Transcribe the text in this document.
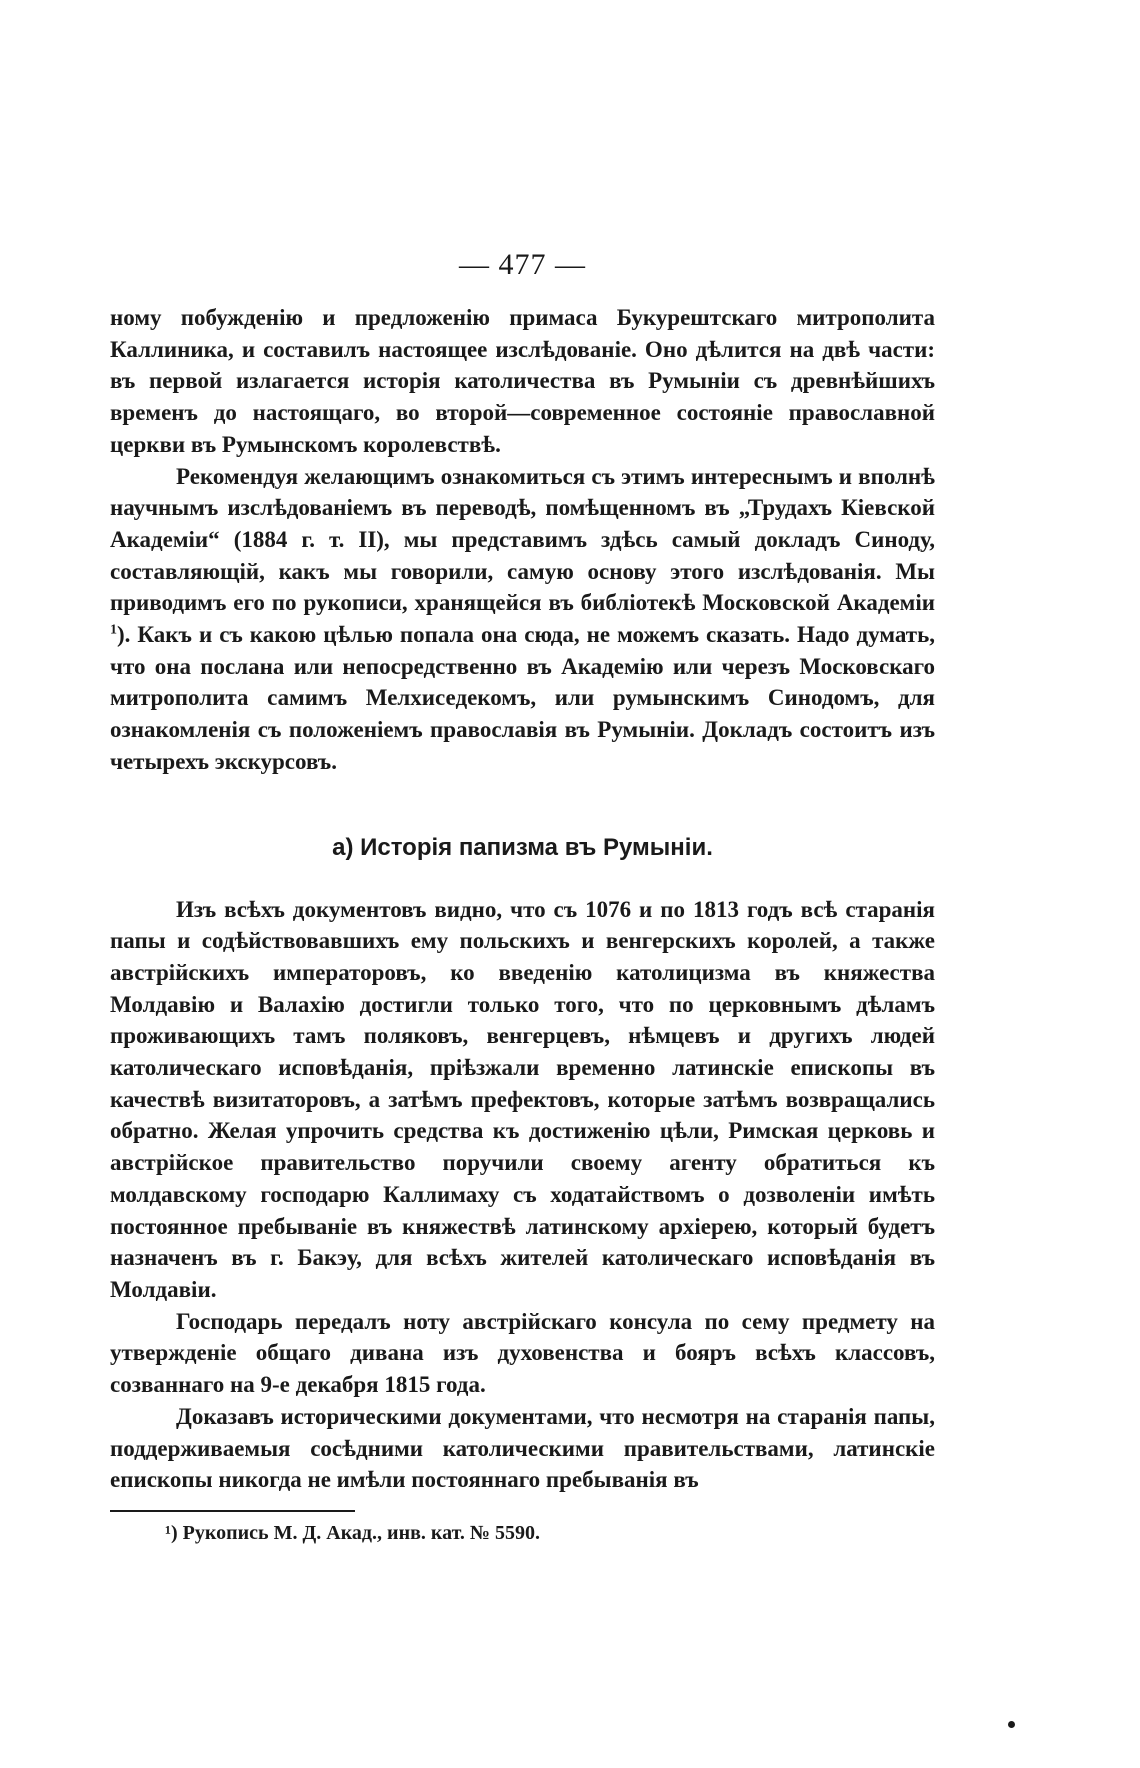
— 477 —

ному побужденію и предложенію примаса Букурештскаго митрополита Каллиника, и составилъ настоящее изслѣдованіе. Оно дѣлится на двѣ части: въ первой излагается исторія католичества въ Румыніи съ древнѣйшихъ временъ до настоящаго, во второй—современное состояніе православной церкви въ Румынскомъ королевствѣ.

Рекомендуя желающимъ ознакомиться съ этимъ интереснымъ и вполнѣ научнымъ изслѣдованіемъ въ переводѣ, помѣщенномъ въ „Трудахъ Кіевской Академіи“ (1884 г. т. II), мы представимъ здѣсь самый докладъ Синоду, составляющій, какъ мы говорили, самую основу этого изслѣдованія. Мы приводимъ его по рукописи, хранящейся въ библіотекѣ Московской Академіи $^1$). Какъ и съ какою цѣлью попала она сюда, не можемъ сказать. Надо думать, что она послана или непосредственно въ Академію или черезъ Московскаго митрополита самимъ Мелхиседекомъ, или румынскимъ Синодомъ, для ознакомленія съ положеніемъ православія въ Румыніи. Докладъ состоитъ изъ четырехъ экскурсовъ.

а) Исторія папизма въ Румыніи.

Изъ всѣхъ документовъ видно, что съ 1076 и по 1813 годъ всѣ старанія папы и содѣйствовавшихъ ему польскихъ и венгерскихъ королей, а также австрійскихъ императоровъ, ко введенію католицизма въ княжества Молдавію и Валахію достигли только того, что по церковнымъ дѣламъ проживающихъ тамъ поляковъ, венгерцевъ, нѣмцевъ и другихъ людей католическаго исповѣданія, пріѣзжали временно латинскіе епископы въ качествѣ визитаторовъ, а затѣмъ префектовъ, которые затѣмъ возвращались обратно. Желая упрочить средства къ достиженію цѣли, Римская церковь и австрійское правительство поручили своему агенту обратиться къ молдавскому господарю Каллимаху съ ходатайствомъ о дозволеніи имѣть постоянное пребываніе въ княжествѣ латинскому архіерею, который будетъ назначенъ въ г. Бакэу, для всѣхъ жителей католическаго исповѣданія въ Молдавіи.

Господарь передалъ ноту австрійскаго консула по сему предмету на утвержденіе общаго дивана изъ духовенства и бояръ всѣхъ классовъ, созваннаго на 9-е декабря 1815 года.

Доказавъ историческими документами, что несмотря на старанія папы, поддерживаемыя сосѣдними католическими правительствами, латинскіе епископы никогда не имѣли постояннаго пребыванія въ

¹) Рукопись М. Д. Акад., инв. кат. № 5590.
